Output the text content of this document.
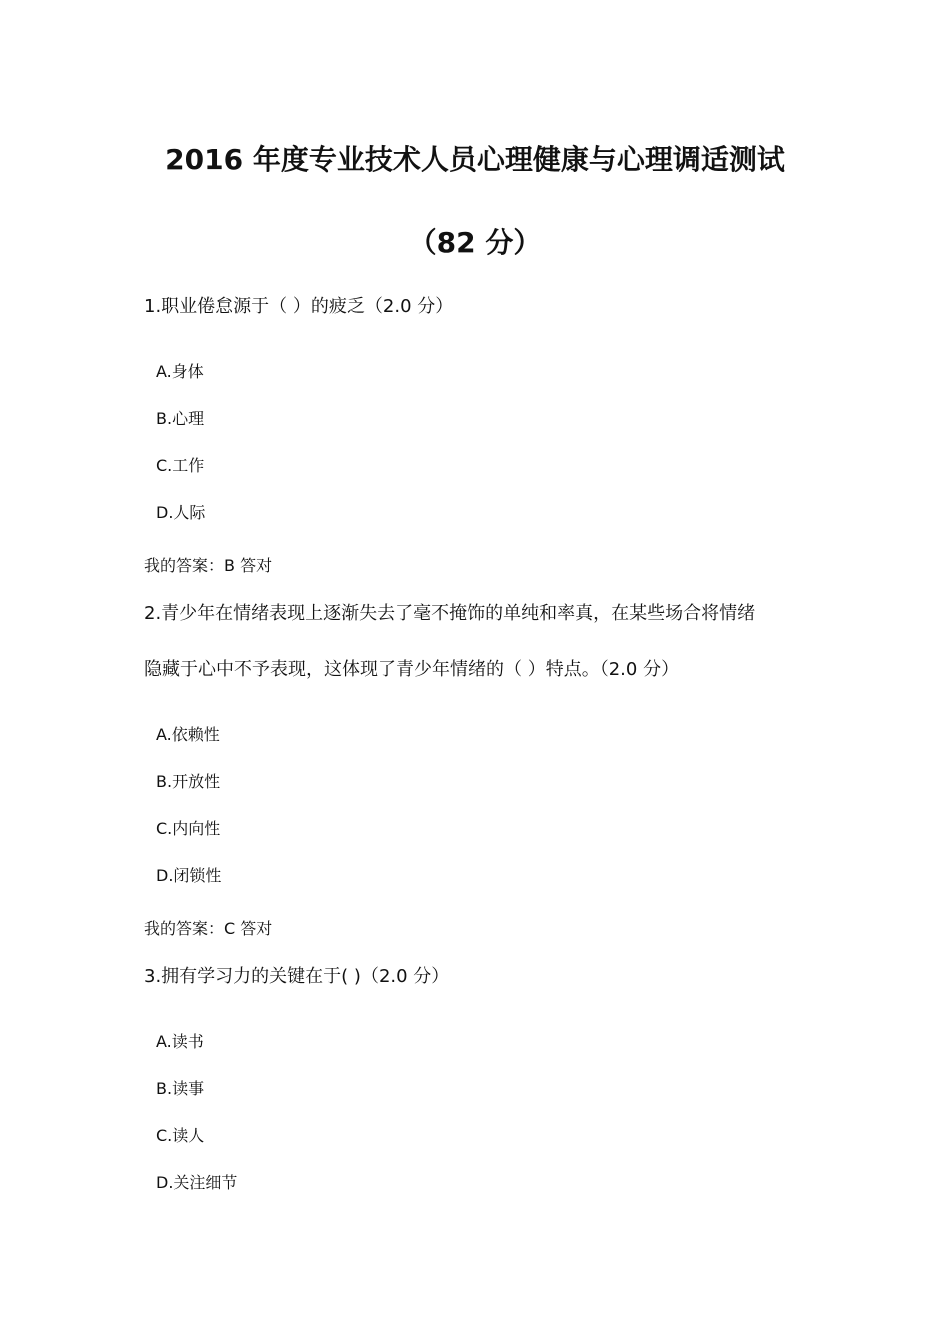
2016 年度专业技术人员心理健康与心理调适测试
（82 分）
1.职业倦怠源于（ ）的疲乏（2.0 分）
A.身体
B.心理
C.工作
D.人际
我的答案：B 答对
2.青少年在情绪表现上逐渐失去了毫不掩饰的单纯和率真，在某些场合将情绪
隐藏于心中不予表现，这体现了青少年情绪的（ ）特点。（2.0 分）
A.依赖性
B.开放性
C.内向性
D.闭锁性
我的答案：C 答对
3.拥有学习力的关键在于( )（2.0 分）
A.读书
B.读事
C.读人
D.关注细节
